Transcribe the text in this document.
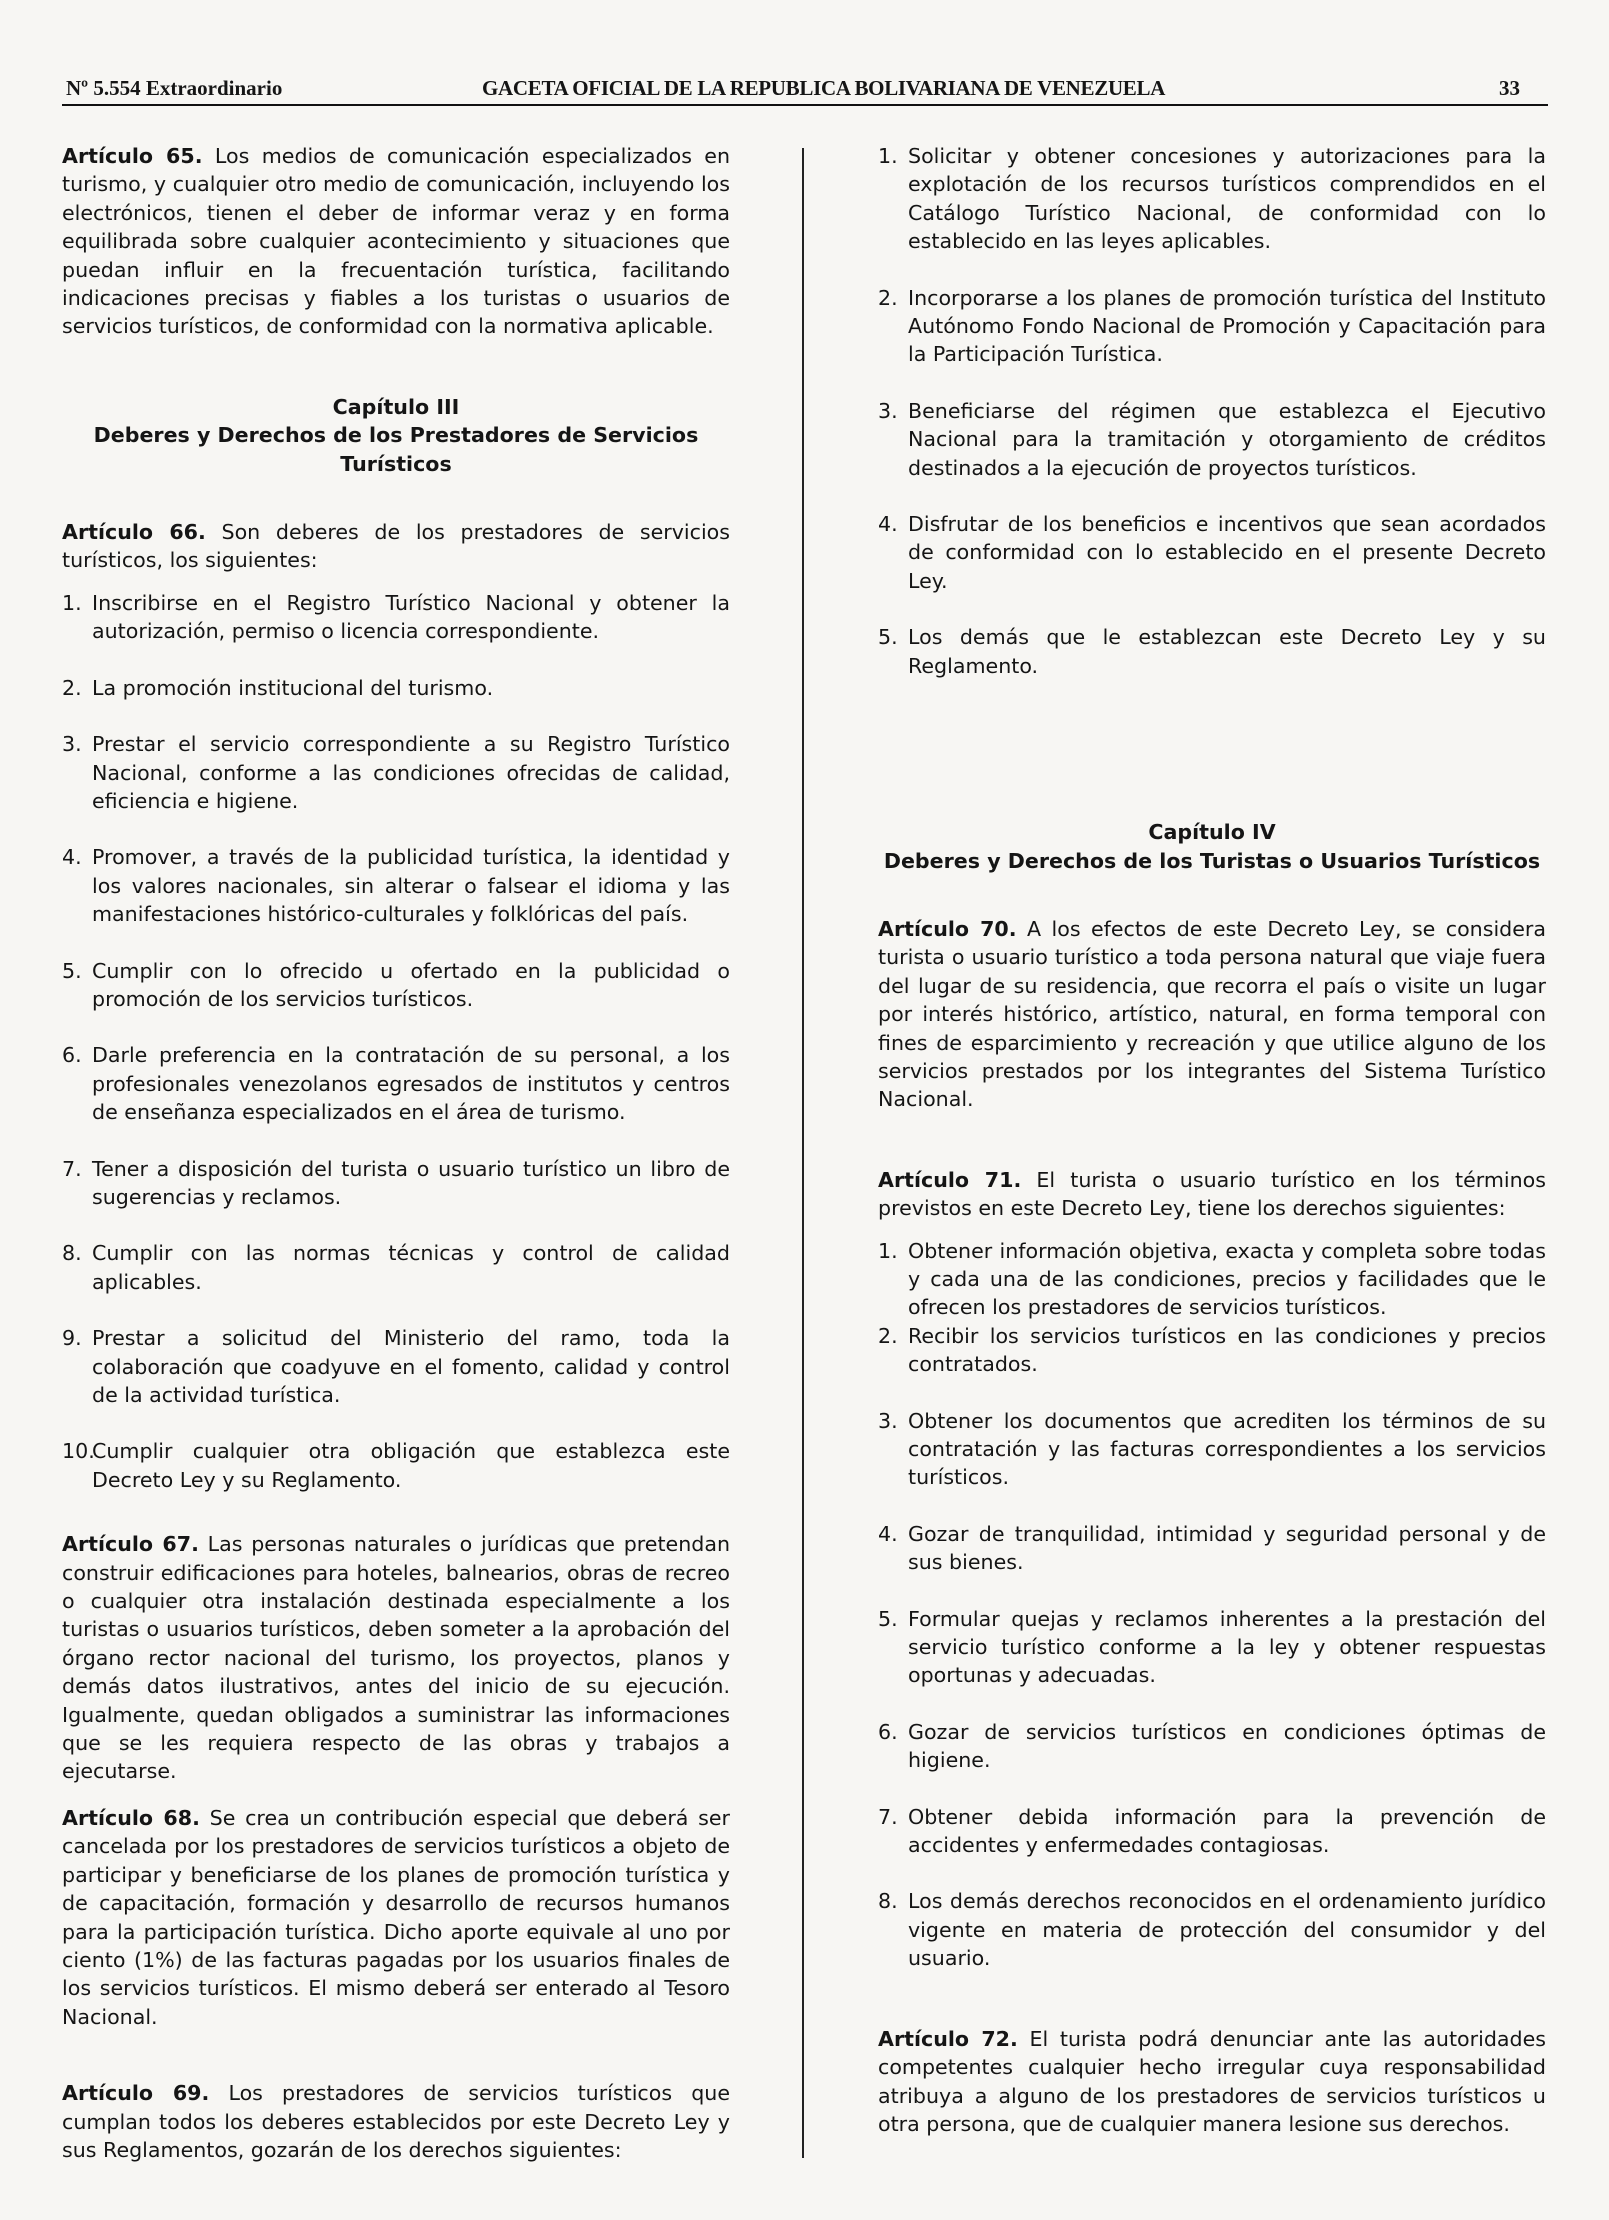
Nº 5.554 Extraordinario	GACETA OFICIAL DE LA REPUBLICA BOLIVARIANA DE VENEZUELA	33

Artículo 65. Los medios de comunicación especializados en turismo, y cualquier otro medio de comunicación, incluyendo los electrónicos, tienen el deber de informar veraz y en forma equilibrada sobre cualquier acontecimiento y situaciones que puedan influir en la frecuentación turística, facilitando indicaciones precisas y fiables a los turistas o usuarios de servicios turísticos, de conformidad con la normativa aplicable.

Capítulo III
Deberes y Derechos de los Prestadores de Servicios Turísticos

Artículo 66. Son deberes de los prestadores de servicios turísticos, los siguientes:

1. Inscribirse en el Registro Turístico Nacional y obtener la autorización, permiso o licencia correspondiente.
2. La promoción institucional del turismo.
3. Prestar el servicio correspondiente a su Registro Turístico Nacional, conforme a las condiciones ofrecidas de calidad, eficiencia e higiene.
4. Promover, a través de la publicidad turística, la identidad y los valores nacionales, sin alterar o falsear el idioma y las manifestaciones histórico-culturales y folklóricas del país.
5. Cumplir con lo ofrecido u ofertado en la publicidad o promoción de los servicios turísticos.
6. Darle preferencia en la contratación de su personal, a los profesionales venezolanos egresados de institutos y centros de enseñanza especializados en el área de turismo.
7. Tener a disposición del turista o usuario turístico un libro de sugerencias y reclamos.
8. Cumplir con las normas técnicas y control de calidad aplicables.
9. Prestar a solicitud del Ministerio del ramo, toda la colaboración que coadyuve en el fomento, calidad y control de la actividad turística.
10.
Cumplir cualquier otra obligación que establezca este Decreto Ley y su Reglamento.

Artículo 67. Las personas naturales o jurídicas que pretendan construir edificaciones para hoteles, balnearios, obras de recreo o cualquier otra instalación destinada especialmente a los turistas o usuarios turísticos, deben someter a la aprobación del órgano rector nacional del turismo, los proyectos, planos y demás datos ilustrativos, antes del inicio de su ejecución. Igualmente, quedan obligados a suministrar las informaciones que se les requiera respecto de las obras y trabajos a ejecutarse.

Artículo 68. Se crea un contribución especial que deberá ser cancelada por los prestadores de servicios turísticos a objeto de participar y beneficiarse de los planes de promoción turística y de capacitación, formación y desarrollo de recursos humanos para la participación turística. Dicho aporte equivale al uno por ciento (1%) de las facturas pagadas por los usuarios finales de los servicios turísticos. El mismo deberá ser enterado al Tesoro Nacional.

Artículo 69. Los prestadores de servicios turísticos que cumplan todos los deberes establecidos por este Decreto Ley y sus Reglamentos, gozarán de los derechos siguientes:

1. Solicitar y obtener concesiones y autorizaciones para la explotación de los recursos turísticos comprendidos en el Catálogo Turístico Nacional, de conformidad con lo establecido en las leyes aplicables.
2. Incorporarse a los planes de promoción turística del Instituto Autónomo Fondo Nacional de Promoción y Capacitación para la Participación Turística.
3. Beneficiarse del régimen que establezca el Ejecutivo Nacional para la tramitación y otorgamiento de créditos destinados a la ejecución de proyectos turísticos.
4. Disfrutar de los beneficios e incentivos que sean acordados de conformidad con lo establecido en el presente Decreto Ley.
5. Los demás que le establezcan este Decreto Ley y su Reglamento.
Capítulo IV
Deberes y Derechos de los Turistas o Usuarios Turísticos

Artículo 70. A los efectos de este Decreto Ley, se considera turista o usuario turístico a toda persona natural que viaje fuera del lugar de su residencia, que recorra el país o visite un lugar por interés histórico, artístico, natural, en forma temporal con fines de esparcimiento y recreación y que utilice alguno de los servicios prestados por los integrantes del Sistema Turístico Nacional.

Artículo 71. El turista o usuario turístico en los términos previstos en este Decreto Ley, tiene los derechos siguientes:

1. Obtener información objetiva, exacta y completa sobre todas y cada una de las condiciones, precios y facilidades que le ofrecen los prestadores de servicios turísticos.
2. Recibir los servicios turísticos en las condiciones y precios contratados.
3. Obtener los documentos que acrediten los términos de su contratación y las facturas correspondientes a los servicios turísticos.
4. Gozar de tranquilidad, intimidad y seguridad personal y de sus bienes.
5. Formular quejas y reclamos inherentes a la prestación del servicio turístico conforme a la ley y obtener respuestas oportunas y adecuadas.
6. Gozar de servicios turísticos en condiciones óptimas de higiene.
7. Obtener debida información para la prevención de accidentes y enfermedades contagiosas.
8. Los demás derechos reconocidos en el ordenamiento jurídico vigente en materia de protección del consumidor y del usuario.

Artículo 72. El turista podrá denunciar ante las autoridades competentes cualquier hecho irregular cuya responsabilidad atribuya a alguno de los prestadores de servicios turísticos u otra persona, que de cualquier manera lesione sus derechos.
